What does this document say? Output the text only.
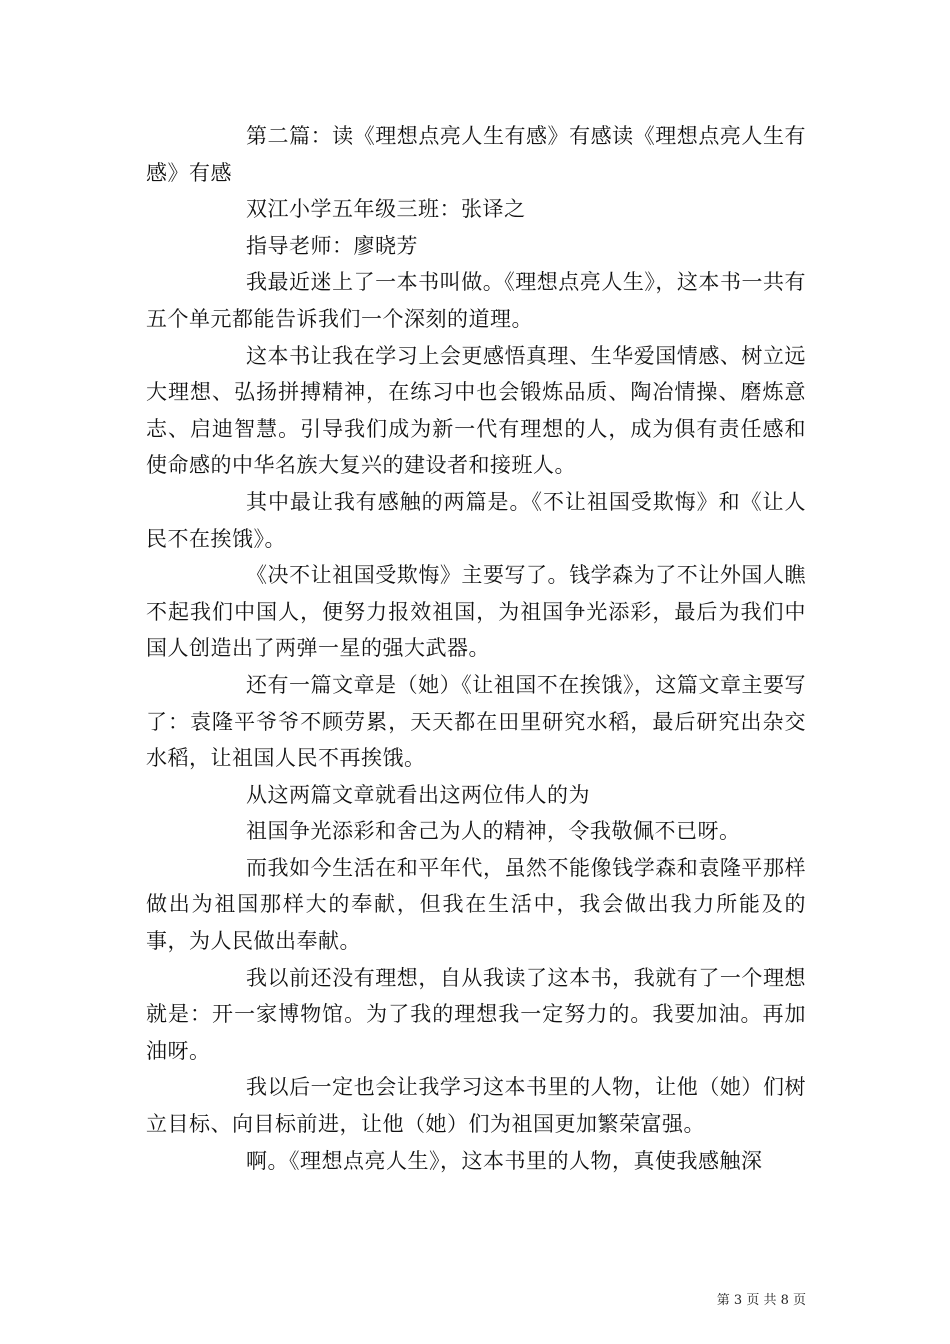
第二篇：读《理想点亮人生有感》有感读《理想点亮人生有感》有感

双江小学五年级三班：张译之

指导老师：廖晓芳

我最近迷上了一本书叫做。《理想点亮人生》，这本书一共有五个单元都能告诉我们一个深刻的道理。

这本书让我在学习上会更感悟真理、生华爱国情感、树立远大理想、弘扬拼搏精神，在练习中也会锻炼品质、陶冶情操、磨炼意志、启迪智慧。引导我们成为新一代有理想的人，成为俱有责任感和使命感的中华名族大复兴的建设者和接班人。

其中最让我有感触的两篇是。《不让祖国受欺悔》和《让人民不在挨饿》。

《决不让祖国受欺悔》主要写了。钱学森为了不让外国人瞧不起我们中国人，便努力报效祖国，为祖国争光添彩，最后为我们中国人创造出了两弹一星的强大武器。

还有一篇文章是（她）《让祖国不在挨饿》，这篇文章主要写了：袁隆平爷爷不顾劳累，天天都在田里研究水稻，最后研究出杂交水稻，让祖国人民不再挨饿。

从这两篇文章就看出这两位伟人的为

祖国争光添彩和舍己为人的精神，令我敬佩不已呀。

而我如今生活在和平年代，虽然不能像钱学森和袁隆平那样做出为祖国那样大的奉献，但我在生活中，我会做出我力所能及的事，为人民做出奉献。

我以前还没有理想，自从我读了这本书，我就有了一个理想就是：开一家博物馆。为了我的理想我一定努力的。我要加油。再加油呀。

我以后一定也会让我学习这本书里的人物，让他（她）们树立目标、向目标前进，让他（她）们为祖国更加繁荣富强。

啊。《理想点亮人生》，这本书里的人物，真使我感触深

第 3 页 共 8 页
